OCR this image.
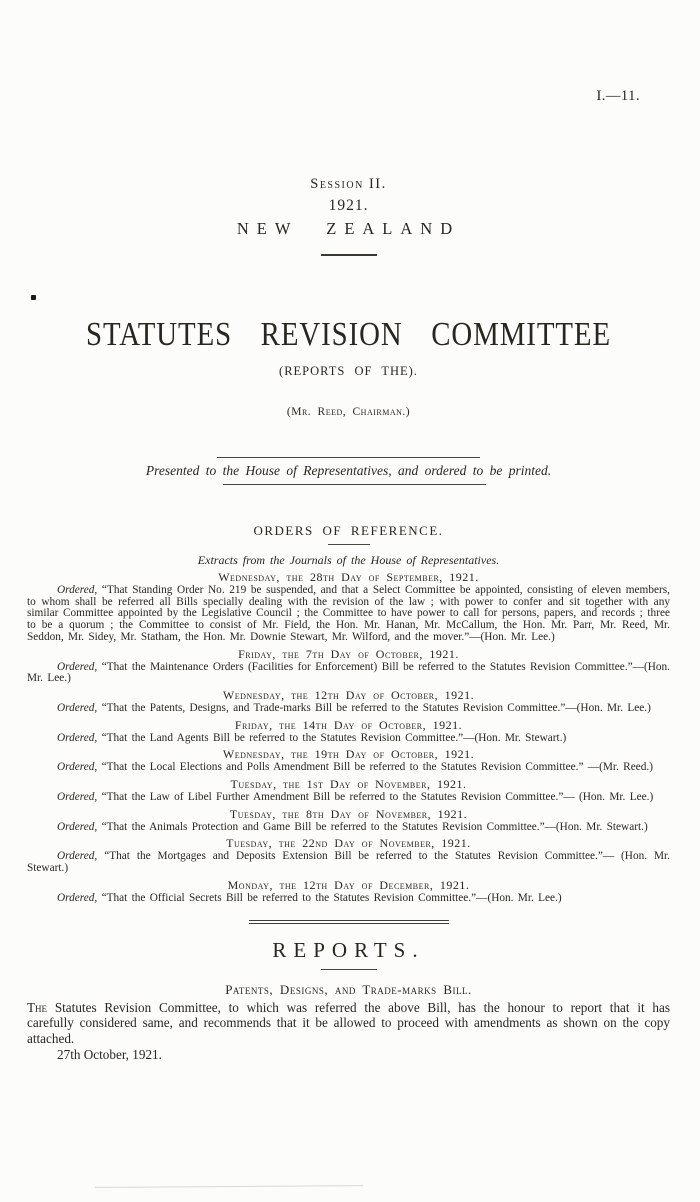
I.—11.
Session II.
1921.
NEW ZEALAND
STATUTES REVISION COMMITTEE
(REPORTS OF THE).
(Mr. Reed, Chairman.)

Presented to the House of Representatives, and ordered to be printed.

ORDERS OF REFERENCE.
Extracts from the Journals of the House of Representatives.
Wednesday, the 28th Day of September, 1921.

Ordered, “That Standing Order No. 219 be suspended, and that a Select Committee be appointed, consisting of eleven members, to whom shall be referred all Bills specially dealing with the revision of the law ; with power to confer and sit together with any similar Committee appointed by the Legislative Council ; the Committee to have power to call for persons, papers, and records ; three to be a quorum ; the Committee to consist of Mr. Field, the Hon. Mr. Hanan, Mr. McCallum, the Hon. Mr. Parr, Mr. Reed, Mr. Seddon, Mr. Sidey, Mr. Statham, the Hon. Mr. Downie Stewart, Mr. Wilford, and the mover.”—(Hon. Mr. Lee.)

Friday, the 7th Day of October, 1921.

Ordered, “That the Maintenance Orders (Facilities for Enforcement) Bill be referred to the Statutes Revision Committee.”—(Hon. Mr. Lee.)

Wednesday, the 12th Day of October, 1921.

Ordered, “That the Patents, Designs, and Trade-marks Bill be referred to the Statutes Revision Committee.”—(Hon. Mr. Lee.)

Friday, the 14th Day of October, 1921.

Ordered, “That the Land Agents Bill be referred to the Statutes Revision Committee.”—(Hon. Mr. Stewart.)

Wednesday, the 19th Day of October, 1921.

Ordered, “That the Local Elections and Polls Amendment Bill be referred to the Statutes Revision Committee.” —(Mr. Reed.)

Tuesday, the 1st Day of November, 1921.

Ordered, “That the Law of Libel Further Amendment Bill be referred to the Statutes Revision Committee.”— (Hon. Mr. Lee.)

Tuesday, the 8th Day of November, 1921.

Ordered, “That the Animals Protection and Game Bill be referred to the Statutes Revision Committee.”—(Hon. Mr. Stewart.)

Tuesday, the 22nd Day of November, 1921.

Ordered, “That the Mortgages and Deposits Extension Bill be referred to the Statutes Revision Committee.”— (Hon. Mr. Stewart.)

Monday, the 12th Day of December, 1921.

Ordered, “That the Official Secrets Bill be referred to the Statutes Revision Committee.”—(Hon. Mr. Lee.)

REPORTS.
Patents, Designs, and Trade-marks Bill.

The Statutes Revision Committee, to which was referred the above Bill, has the honour to report that it has carefully considered same, and recommends that it be allowed to proceed with amendments as shown on the copy attached.

27th October, 1921.
